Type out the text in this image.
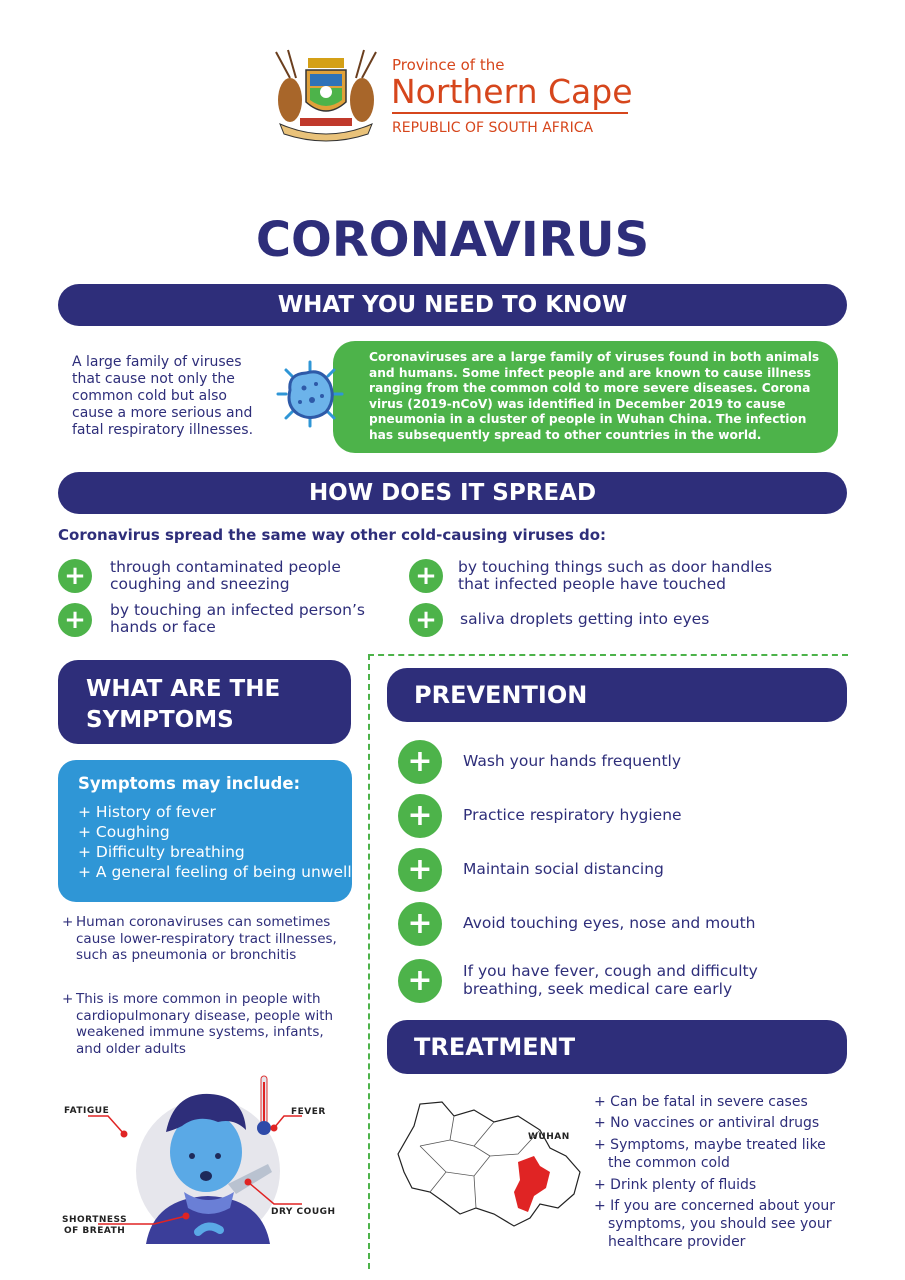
Province of the
Northern Cape
REPUBLIC OF SOUTH AFRICA
CORONAVIRUS
WHAT YOU NEED TO KNOW
A large family of viruses that cause not only the common cold but also cause a more serious and fatal respiratory illnesses.
Coronaviruses are a large family of viruses found in both animals and humans. Some infect people and are known to cause illness ranging from the common cold to more severe diseases. Corona virus (2019-nCoV) was identified in December 2019 to cause pneumonia in a cluster of people in Wuhan China. The infection has subsequently spread to other countries in the world.
HOW DOES IT SPREAD
Coronavirus spread the same way other cold-causing viruses do:
+	through contaminated people coughing and sneezing
+	by touching an infected person’s hands or face
+	by touching things such as door handles that infected people have touched
+	saliva droplets getting into eyes
WHAT ARE THE
SYMPTOMS
Symptoms may include:
+ History of fever
+ Coughing
+ Difficulty breathing
+ A general feeling of being unwell
+ Human coronaviruses can sometimes cause lower-respiratory tract illnesses, such as pneumonia or bronchitis
+ This is more common in people with cardiopulmonary disease, people with weakened immune systems, infants, and older adults
FATIGUE	FEVER
DRY COUGH
SHORTNESS
OF BREATH
PREVENTION
+	Wash your hands frequently
+	Practice respiratory hygiene
+	Maintain social distancing
+	Avoid touching eyes, nose and mouth
+	If you have fever, cough and difficulty breathing, seek medical care early
TREATMENT
WUHAN
+ Can be fatal in severe cases
+ No vaccines or antiviral drugs
+ Symptoms, maybe treated like the common cold
+ Drink plenty of fluids
+ If you are concerned about your symptoms, you should see your healthcare provider
